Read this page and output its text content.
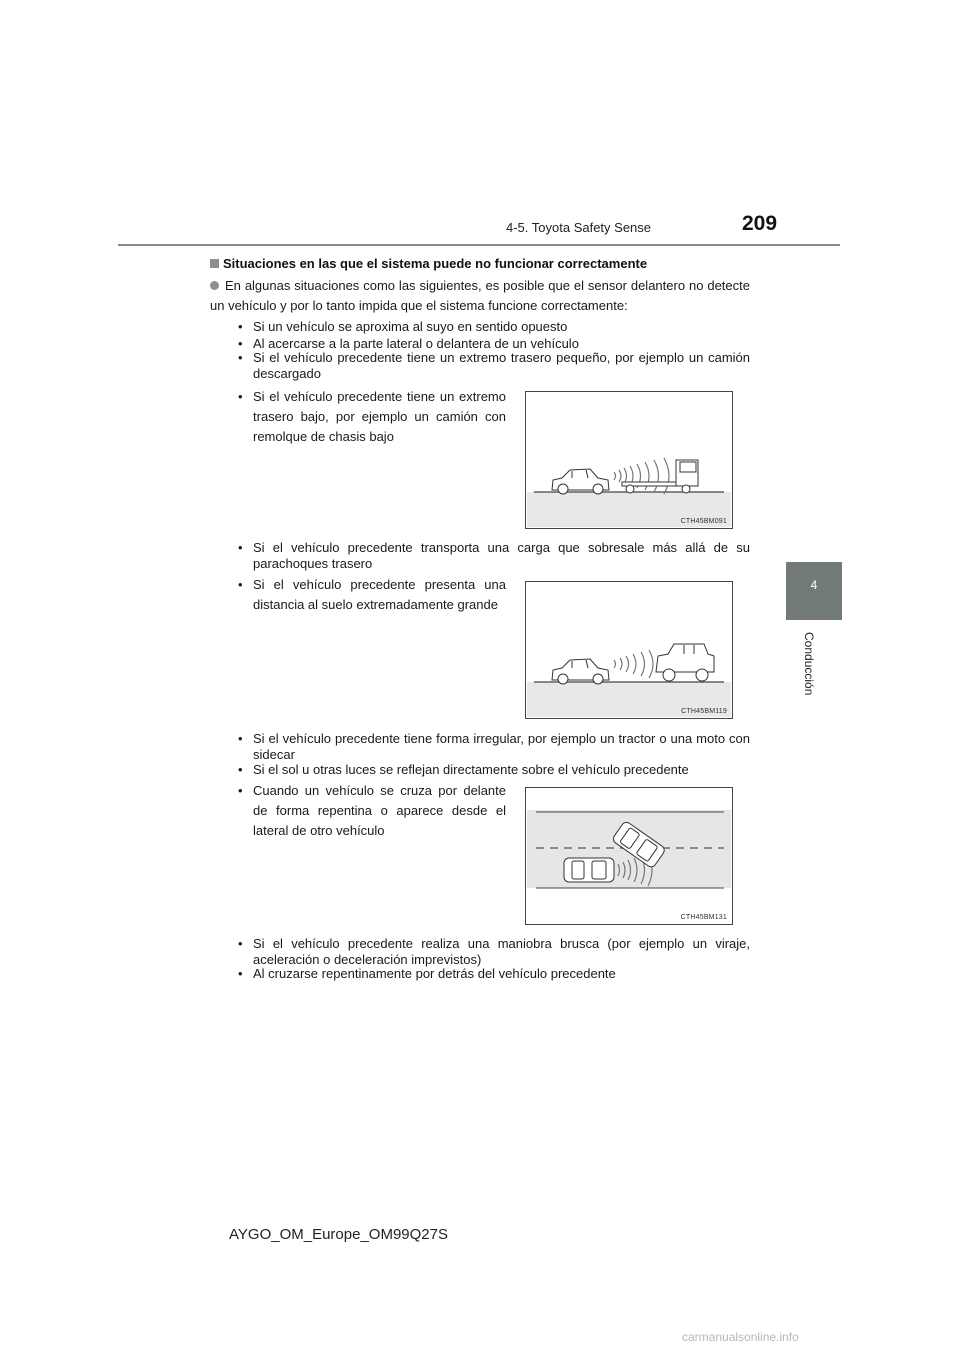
4-5. Toyota Safety Sense	209
4
Conducción
Situaciones en las que el sistema puede no funcionar correctamente
En algunas situaciones como las siguientes, es posible que el sensor delantero no detecte un vehículo y por lo tanto impida que el sistema funcione correctamente:
• Si un vehículo se aproxima al suyo en sentido opuesto
• Al acercarse a la parte lateral o delantera de un vehículo
• Si el vehículo precedente tiene un extremo trasero pequeño, por ejemplo un camión descargado
• Si el vehículo precedente tiene un extremo trasero bajo, por ejemplo un camión con remolque de chasis bajo
CTH45BM091
• Si el vehículo precedente transporta una carga que sobresale más allá de su parachoques trasero
• Si el vehículo precedente presenta una distancia al suelo extremadamente grande
CTH45BM119
• Si el vehículo precedente tiene forma irregular, por ejemplo un tractor o una moto con sidecar
• Si el sol u otras luces se reflejan directamente sobre el vehículo precedente
• Cuando un vehículo se cruza por delante de forma repentina o aparece desde el lateral de otro vehículo
CTH45BM131
• Si el vehículo precedente realiza una maniobra brusca (por ejemplo un viraje, aceleración o deceleración imprevistos)
• Al cruzarse repentinamente por detrás del vehículo precedente
AYGO_OM_Europe_OM99Q27S
carmanualsonline.info
